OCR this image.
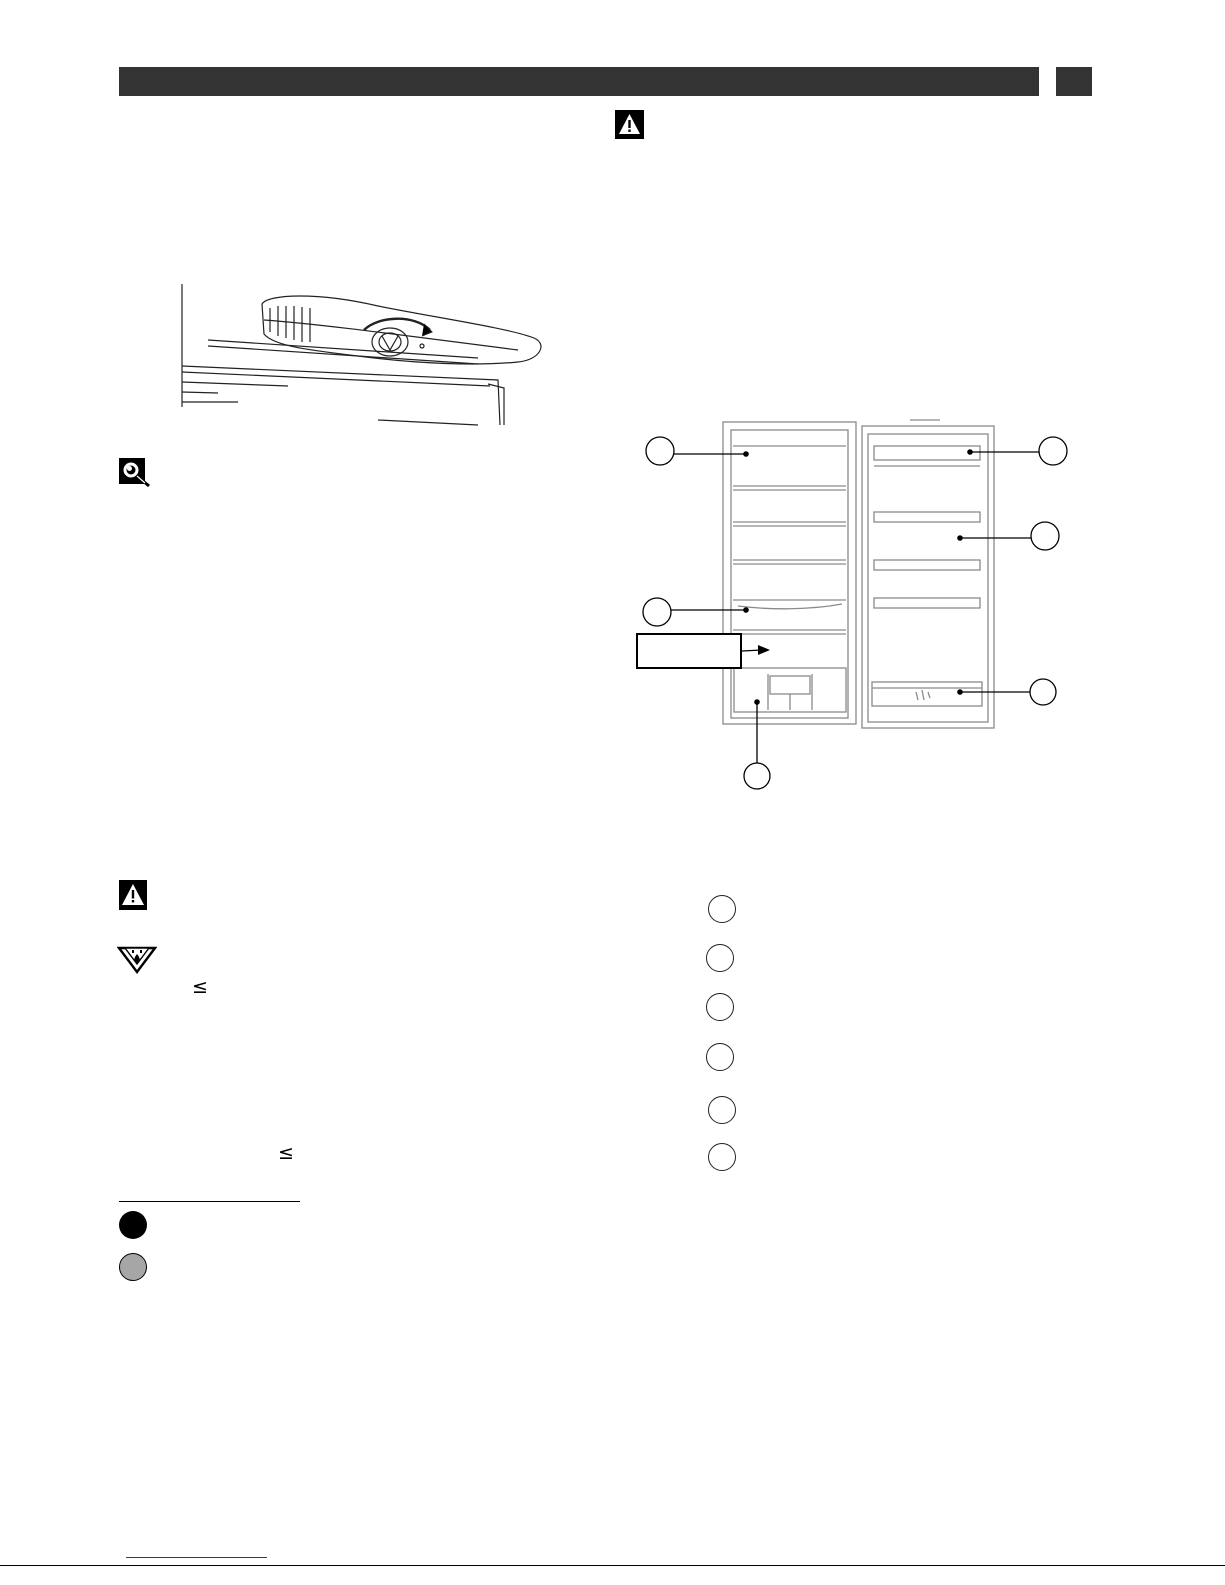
≤
≤
